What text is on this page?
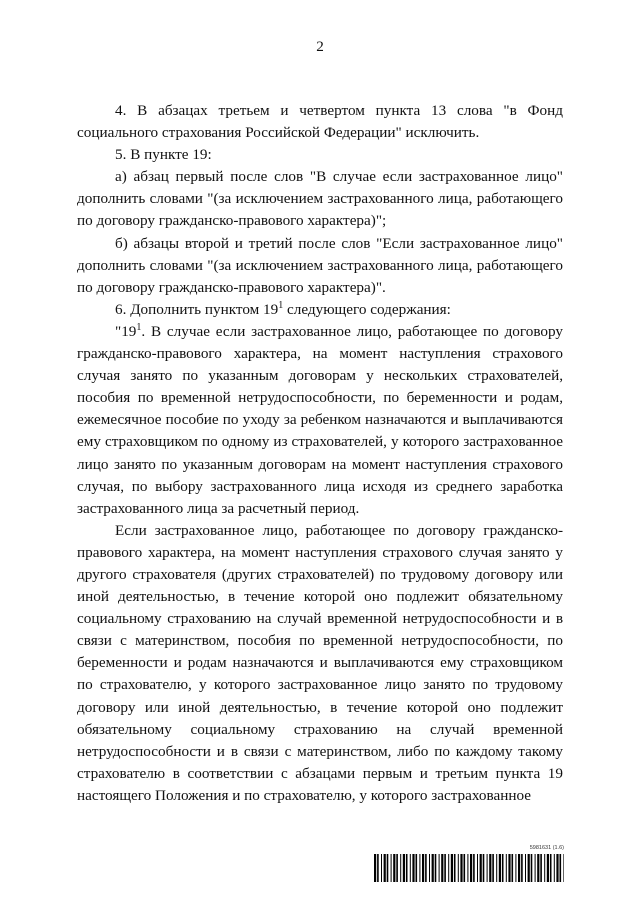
2

4. В абзацах третьем и четвертом пункта 13 слова "в Фонд социального страхования Российской Федерации" исключить.

5. В пункте 19:

а) абзац первый после слов "В случае если застрахованное лицо" дополнить словами "(за исключением застрахованного лица, работающего по договору гражданско-правового характера)";

б) абзацы второй и третий после слов "Если застрахованное лицо" дополнить словами "(за исключением застрахованного лица, работающего по договору гражданско-правового характера)".

6. Дополнить пунктом $19^1$ следующего содержания:

"$19^1$. В случае если застрахованное лицо, работающее по договору гражданско-правового характера, на момент наступления страхового случая занято по указанным договорам у нескольких страхователей, пособия по временной нетрудоспособности, по беременности и родам, ежемесячное пособие по уходу за ребенком назначаются и выплачиваются ему страховщиком по одному из страхователей, у которого застрахованное лицо занято по указанным договорам на момент наступления страхового случая, по выбору застрахованного лица исходя из среднего заработка застрахованного лица за расчетный период.

Если застрахованное лицо, работающее по договору гражданско-правового характера, на момент наступления страхового случая занято у другого страхователя (других страхователей) по трудовому договору или иной деятельностью, в течение которой оно подлежит обязательному социальному страхованию на случай временной нетрудоспособности и в связи с материнством, пособия по временной нетрудоспособности, по беременности и родам назначаются и выплачиваются ему страховщиком по страхователю, у которого застрахованное лицо занято по трудовому договору или иной деятельностью, в течение которой оно подлежит обязательному социальному страхованию на случай временной нетрудоспособности и в связи с материнством, либо по каждому такому страхователю в соответствии с абзацами первым и третьим пункта 19 настоящего Положения и по страхователю, у которого застрахованное

5981631 (1.6)
